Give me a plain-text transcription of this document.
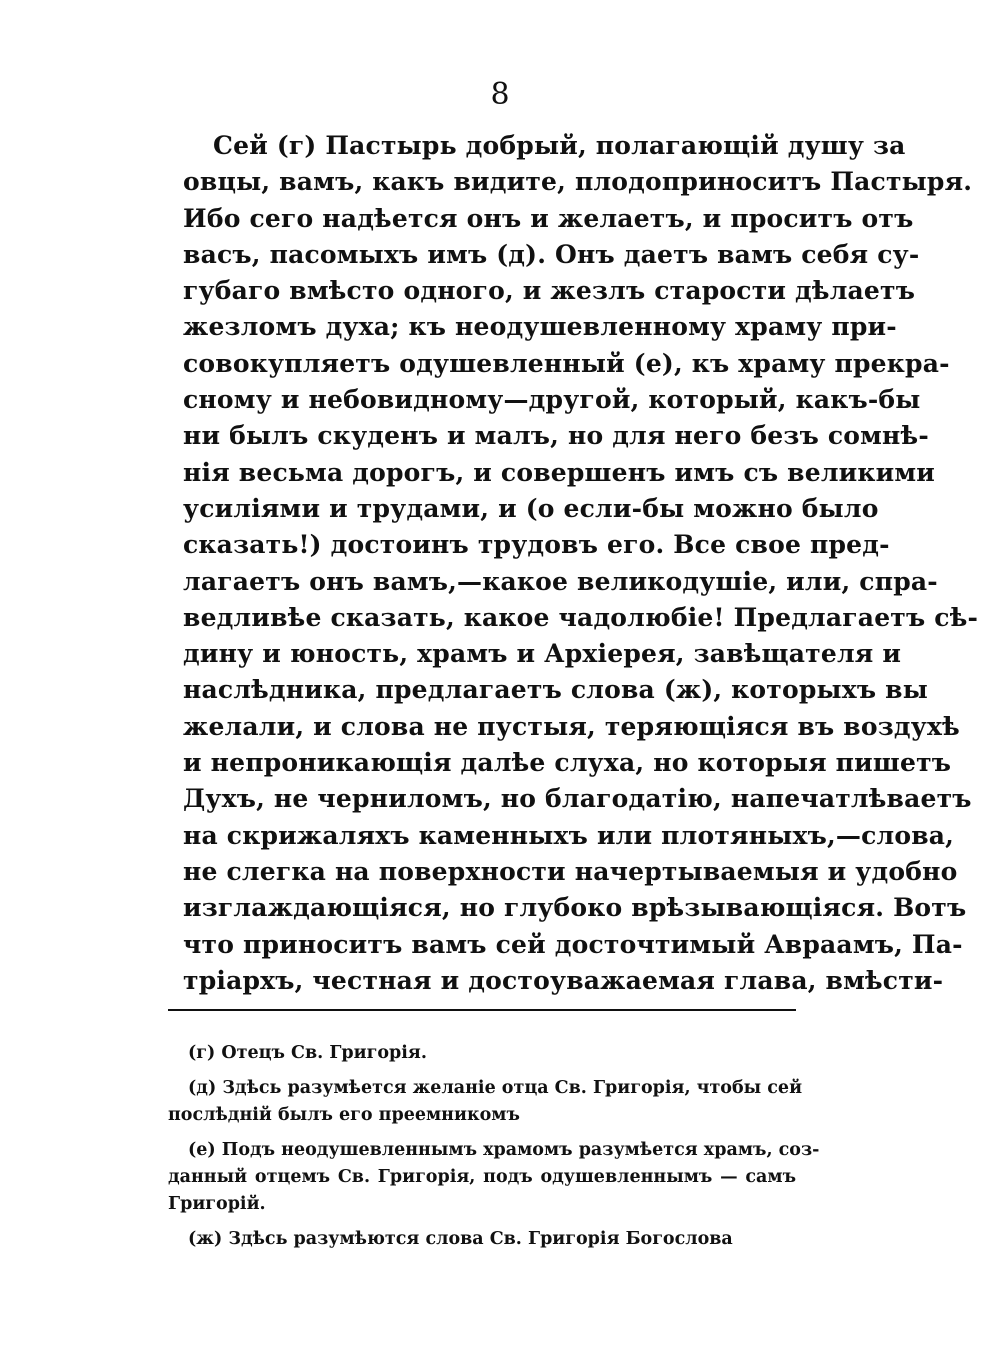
8
Сей (г) Пастырь добрый, полагающій душу за
овцы, вамъ, какъ видите, плодоприноситъ Пастыря.
Ибо сего надѣется онъ и желаетъ, и проситъ отъ
васъ, пасомыхъ имъ (д). Онъ даетъ вамъ себя су-
губаго вмѣсто одного, и жезлъ старости дѣлаетъ
жезломъ духа; къ неодушевленному храму при-
совокупляетъ одушевленный (е), къ храму прекра-
сному и небовидному—другой, который, какъ-бы
ни былъ скуденъ и малъ, но для него безъ сомнѣ-
нія весьма дорогъ, и совершенъ имъ съ великими
усиліями и трудами, и (о если-бы можно было
сказать!) достоинъ трудовъ его. Все свое пред-
лагаетъ онъ вамъ,—какое великодушіе, или, спра-
ведливѣе сказать, какое чадолюбіе! Предлагаетъ сѣ-
дину и юность, храмъ и Архіерея, завѣщателя и
наслѣдника, предлагаетъ слова (ж), которыхъ вы
желали, и слова не пустыя, теряющіяся въ воздухѣ
и непроникающія далѣе слуха, но которыя пишетъ
Духъ, не черниломъ, но благодатію, напечатлѣваетъ
на скрижаляхъ каменныхъ или плотяныхъ,—слова,
не слегка на поверхности начертываемыя и удобно
изглаждающіяся, но глубоко врѣзывающіяся. Вотъ
что приноситъ вамъ сей досточтимый Авраамъ, Па-
тріархъ, честная и достоуважаемая глава, вмѣсти-
(г) Отецъ Св. Григорія.
(д) Здѣсь разумѣется желаніе отца Св. Григорія, чтобы сей
послѣдній былъ его преемникомъ
(е) Подъ неодушевленнымъ храмомъ разумѣется храмъ, соз-
данный отцемъ Св. Григорія, подъ одушевленнымъ — самъ
Григорій.
(ж) Здѣсь разумѣются слова Св. Григорія Богослова
